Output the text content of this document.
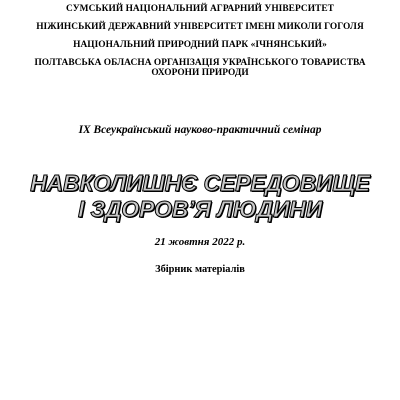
СУМСЬКИЙ НАЦІОНАЛЬНИЙ АГРАРНИЙ УНІВЕРСИТЕТ
НІЖИНСЬКИЙ ДЕРЖАВНИЙ УНІВЕРСИТЕТ ІМЕНІ МИКОЛИ ГОГОЛЯ
НАЦІОНАЛЬНИЙ ПРИРОДНИЙ ПАРК «ІЧНЯНСЬКИЙ»
ПОЛТАВСЬКА ОБЛАСНА ОРГАНІЗАЦІЯ УКРАЇНСЬКОГО ТОВАРИСТВА
ОХОРОНИ ПРИРОДИ
ІХ Всеукраїнський науково-практичний семінар
НАВКОЛИШНЄ СЕРЕДОВИЩЕ
І ЗДОРОВ’Я ЛЮДИНИ
21 жовтня 2022 р.
Збірник матеріалів
